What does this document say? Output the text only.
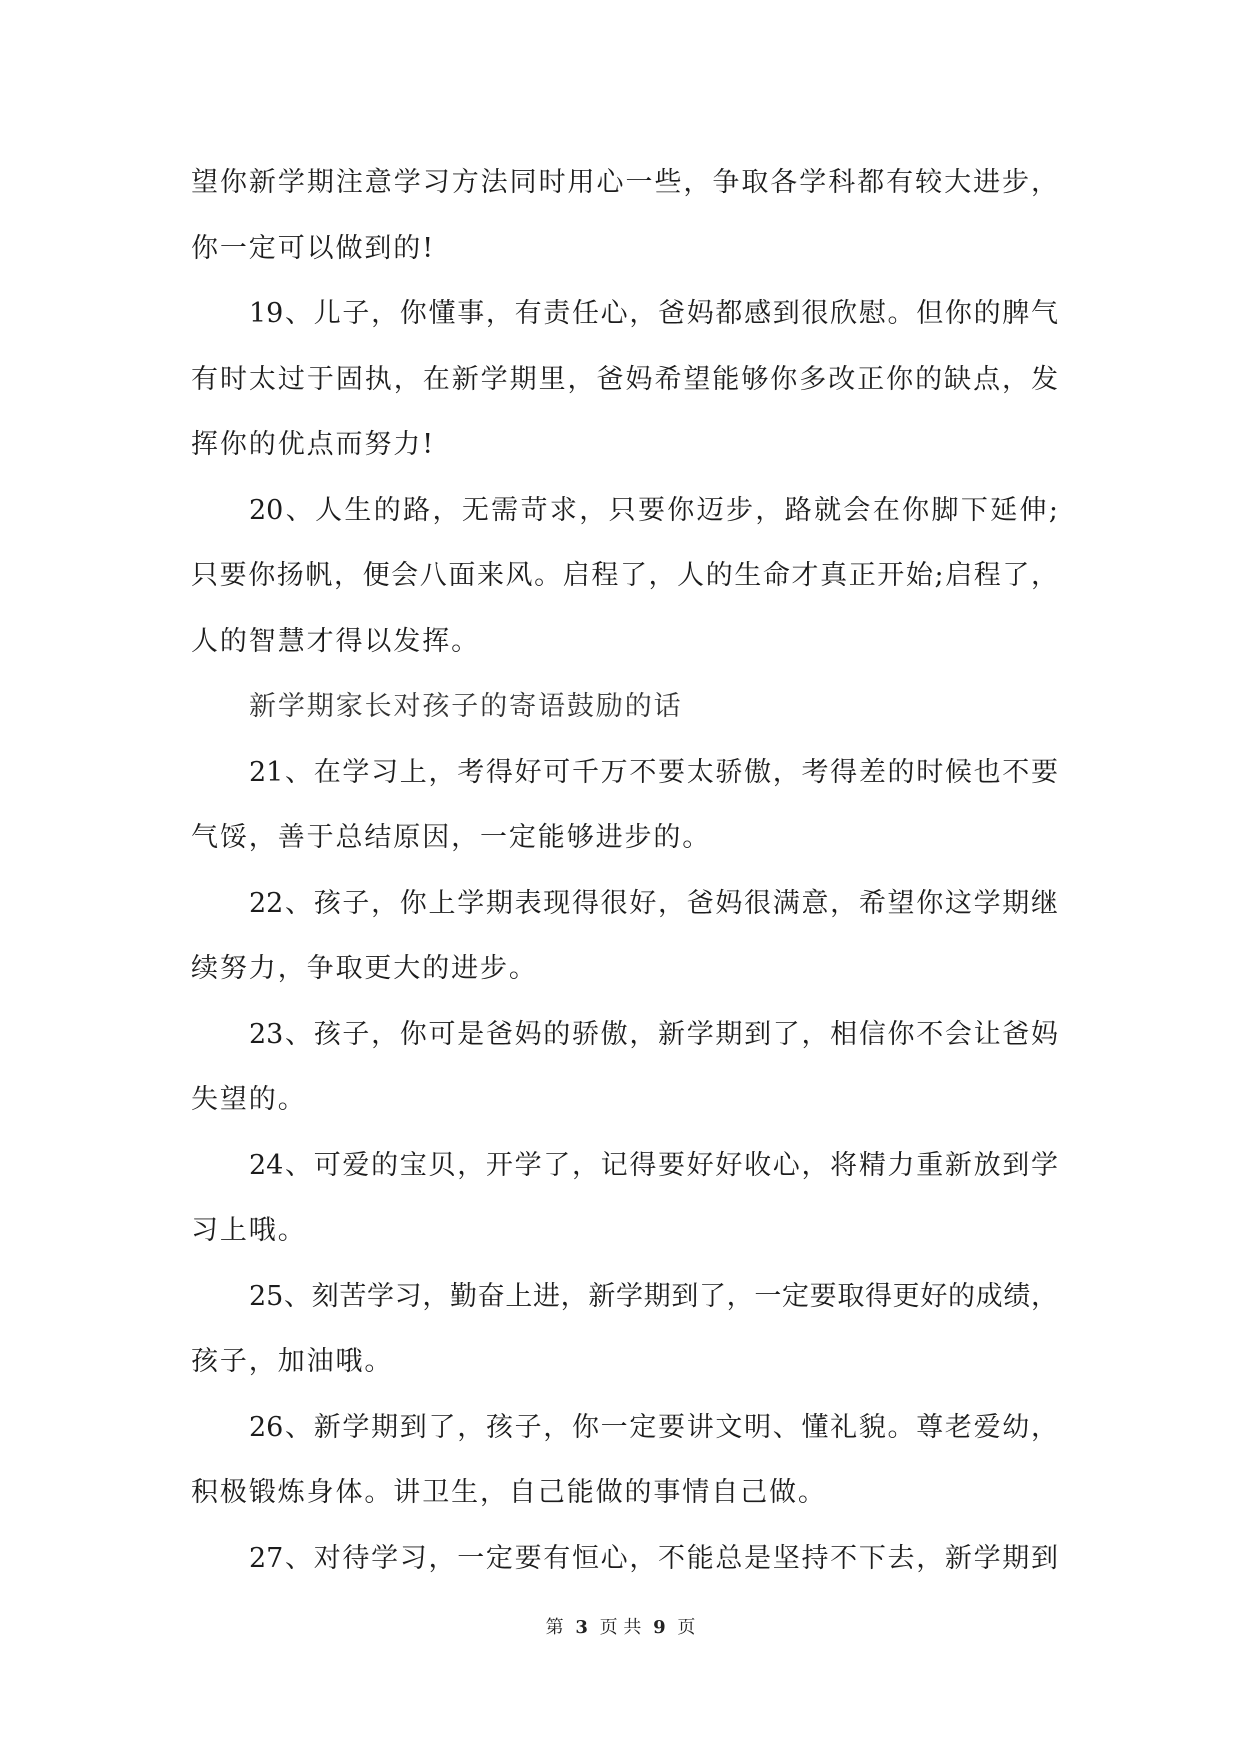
望你新学期注意学习方法同时用心一些，争取各学科都有较大进步，
你一定可以做到的!
19、儿子，你懂事，有责任心，爸妈都感到很欣慰。但你的脾气
有时太过于固执，在新学期里，爸妈希望能够你多改正你的缺点，发
挥你的优点而努力!
20、人生的路，无需苛求，只要你迈步，路就会在你脚下延伸;
只要你扬帆，便会八面来风。启程了，人的生命才真正开始;启程了，
人的智慧才得以发挥。
新学期家长对孩子的寄语鼓励的话
21、在学习上，考得好可千万不要太骄傲，考得差的时候也不要
气馁，善于总结原因，一定能够进步的。
22、孩子，你上学期表现得很好，爸妈很满意，希望你这学期继
续努力，争取更大的进步。
23、孩子，你可是爸妈的骄傲，新学期到了，相信你不会让爸妈
失望的。
24、可爱的宝贝，开学了，记得要好好收心，将精力重新放到学
习上哦。
25、刻苦学习，勤奋上进，新学期到了，一定要取得更好的成绩，
孩子，加油哦。
26、新学期到了，孩子，你一定要讲文明、懂礼貌。尊老爱幼，
积极锻炼身体。讲卫生，自己能做的事情自己做。
27、对待学习，一定要有恒心，不能总是坚持不下去，新学期到
第 3 页 共 9 页
